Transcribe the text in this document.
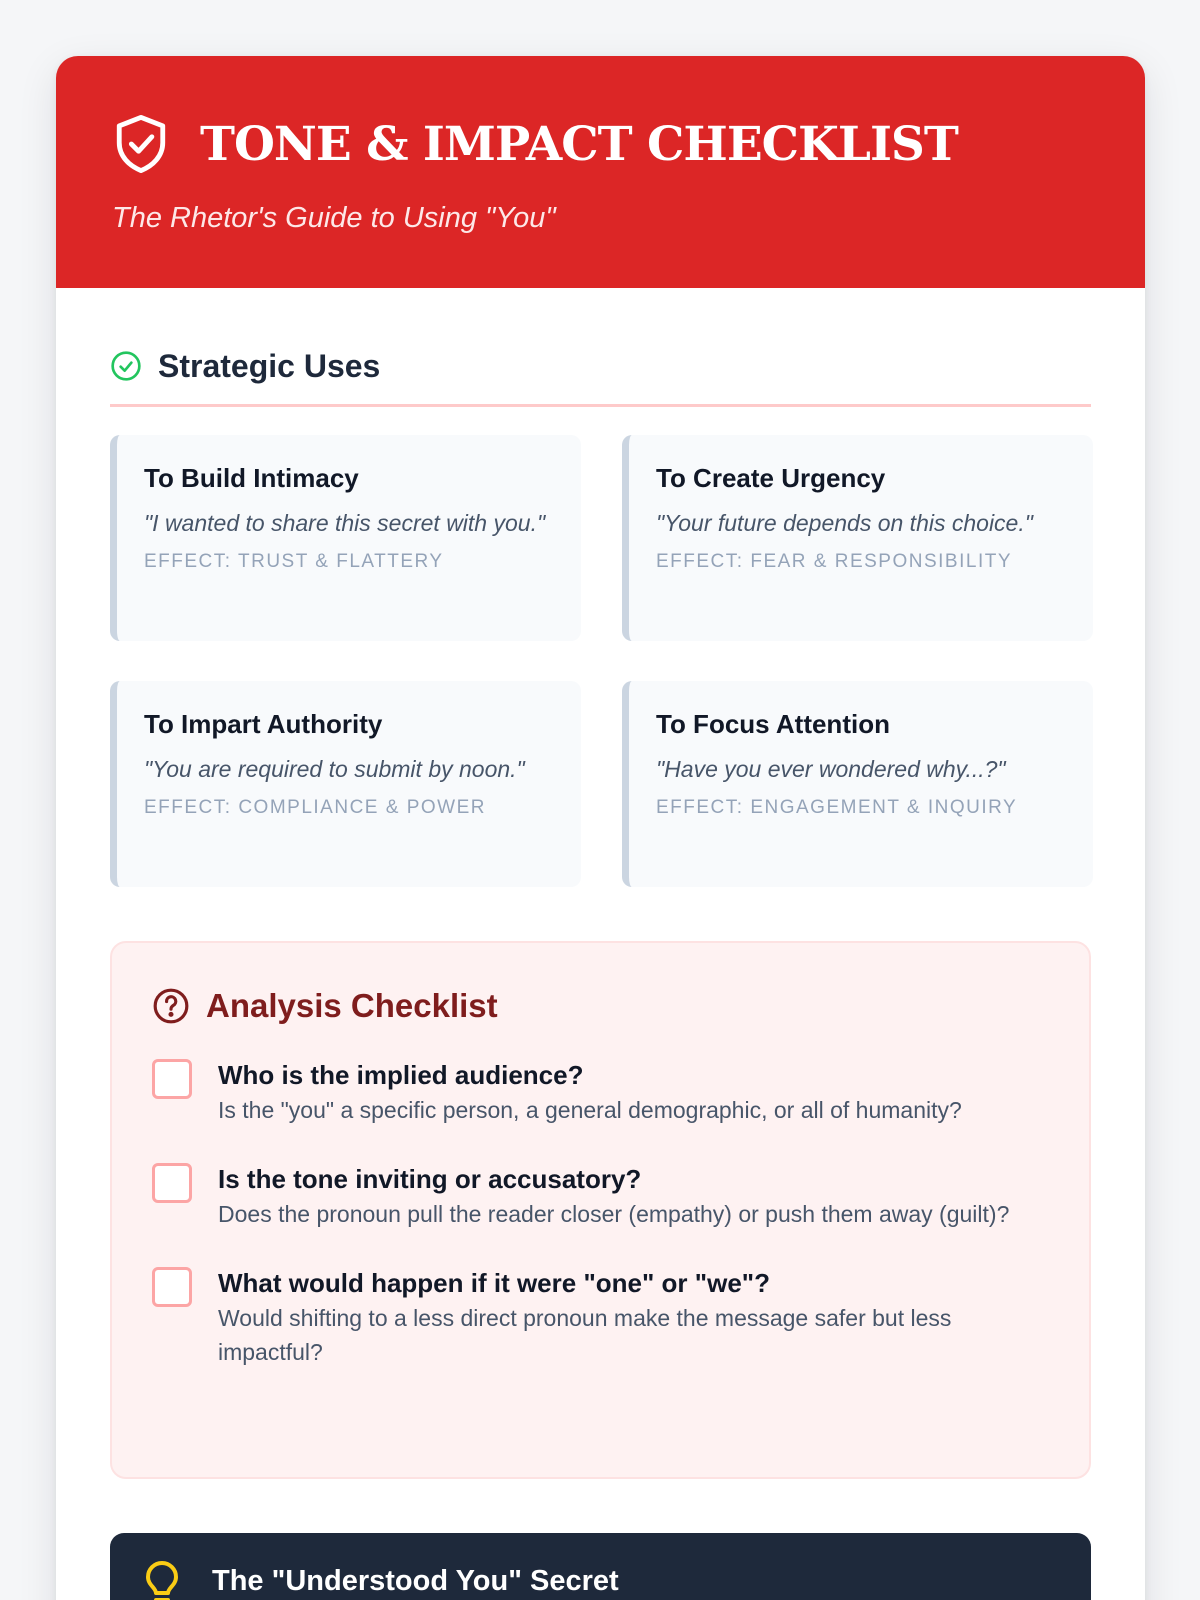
TONE & IMPACT CHECKLIST
The Rhetor's Guide to Using "You"
Strategic Uses
To Build Intimacy
"I wanted to share this secret with you."
EFFECT: TRUST & FLATTERY
To Create Urgency
"Your future depends on this choice."
EFFECT: FEAR & RESPONSIBILITY
To Impart Authority
"You are required to submit by noon."
EFFECT: COMPLIANCE & POWER
To Focus Attention
"Have you ever wondered why...?"
EFFECT: ENGAGEMENT & INQUIRY
Analysis Checklist
Who is the implied audience?
Is the "you" a specific person, a general demographic, or all of humanity?
Is the tone inviting or accusatory?
Does the pronoun pull the reader closer (empathy) or push them away (guilt)?
What would happen if it were "one" or "we"?
Would shifting to a less direct pronoun make the message safer but less impactful?
The "Understood You" Secret
